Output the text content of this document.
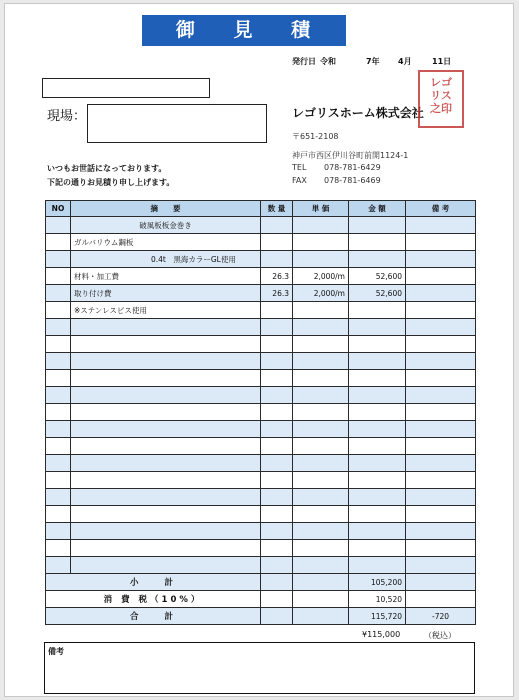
御 見 積 書	発行日 令和	7年 4月	11日
現場：	レゴリスホーム株式会社
レゴ
リス
之印
〒651-2108
神戸市西区伊川谷町前開1124-1
TEL 078-781-6429
FAX 078-781-6469
いつもお世話になっております。
下記の通りお見積り申し上げます。
NO	摘　　要	数 量	単 価	金 額	備 考
	破風板板金巻き				
	ガルバリウム鋼板				
	0.4t　黒海カラーGL使用				
	材料・加工費	26.3	2,000/m	52,600	
	取り付け費	26.3	2,000/m	52,600	
	※ステンレスビス使用				

小　　計				105,200	
消 費 税（10%）				10,520	
合　　計				115,720	-720
¥115,000	（税込）
備考
